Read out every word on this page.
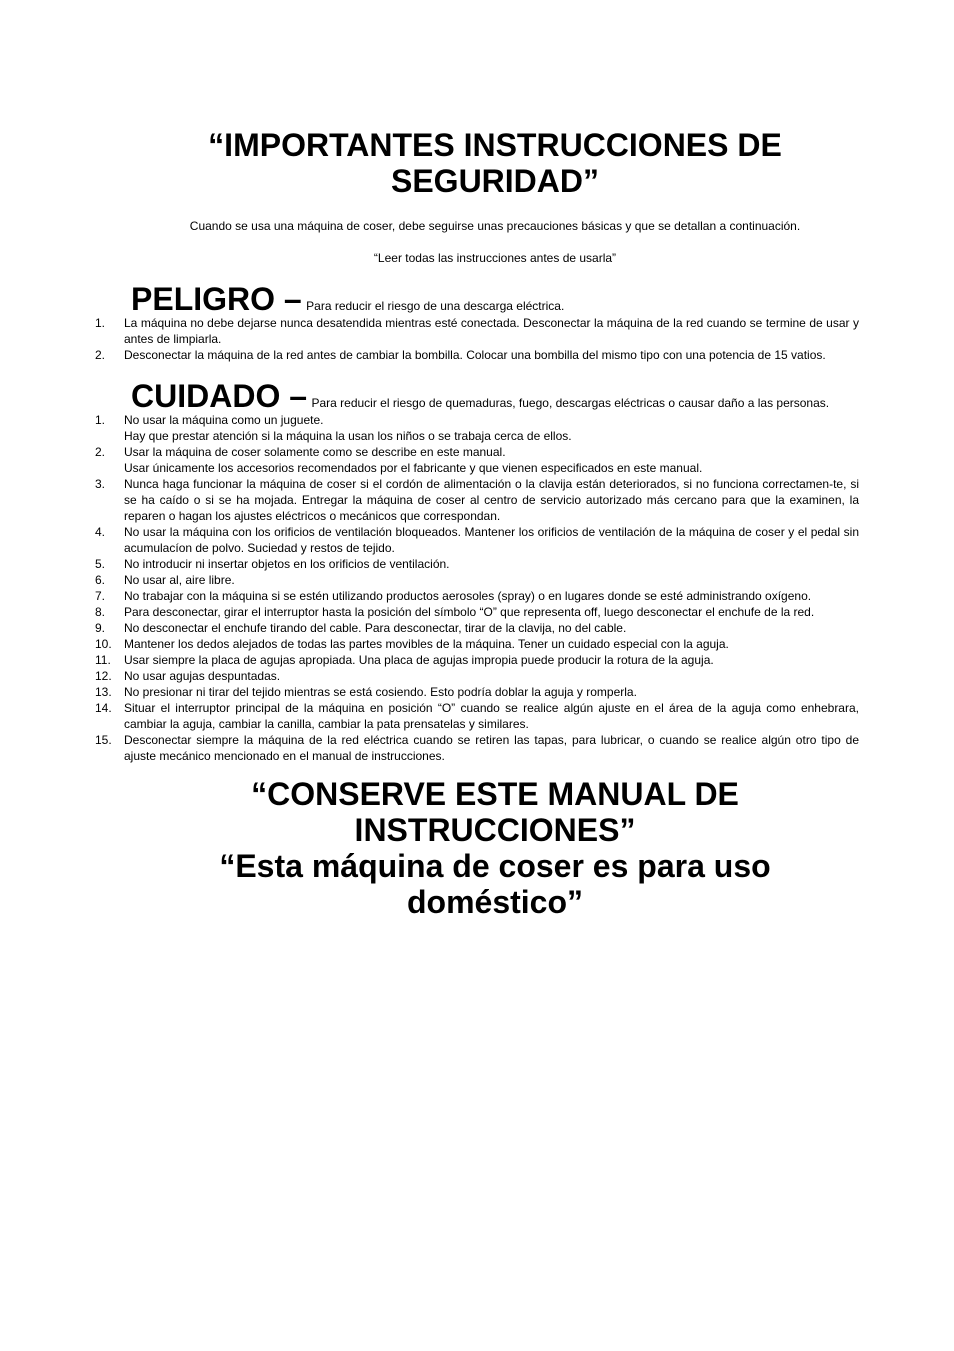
“IMPORTANTES INSTRUCCIONES DE
SEGURIDAD”

Cuando se usa una máquina de coser, debe seguirse unas precauciones básicas y que se detallan a continuación.

“Leer todas las instrucciones antes de usarla”

PELIGRO – Para reducir el riesgo de una descarga eléctrica.
1. La máquina no debe dejarse nunca desatendida mientras esté conectada. Desconectar la máquina de la red cuando se termine de usar y antes de limpiarla.
2. Desconectar la máquina de la red antes de cambiar la bombilla. Colocar una bombilla del mismo tipo con una potencia de 15 vatios.
CUIDADO – Para reducir el riesgo de quemaduras, fuego, descargas eléctricas o causar daño a las personas.
1. No usar la máquina como un juguete.
Hay que prestar atención si la máquina la usan los niños o se trabaja cerca de ellos.
2. Usar la máquina de coser solamente como se describe en este manual.
Usar únicamente los accesorios recomendados por el fabricante y que vienen especificados en este manual.
3. Nunca haga funcionar la máquina de coser si el cordón de alimentación o la clavija están deteriorados, si no funciona correctamen-te, si se ha caído o si se ha mojada. Entregar la máquina de coser al centro de servicio autorizado más cercano para que la examinen, la reparen o hagan los ajustes eléctricos o mecánicos que correspondan.
4. No usar la máquina con los orificios de ventilación bloqueados. Mantener los orificios de ventilación de la máquina de coser y el pedal sin acumulacíon de polvo. Suciedad y restos de tejido.
5. No introducir ni insertar objetos en los orificios de ventilación.
6. No usar al, aire libre.
7. No trabajar con la máquina si se estén utilizando productos aerosoles (spray) o en lugares donde se esté administrando oxígeno.
8. Para desconectar, girar el interruptor hasta la posición del símbolo “O” que representa off, luego desconectar el enchufe de la red.
9. No desconectar el enchufe tirando del cable. Para desconectar, tirar de la clavija, no del cable.
10. Mantener los dedos alejados de todas las partes movibles de la máquina. Tener un cuidado especial con la aguja.
11. Usar siempre la placa de agujas apropiada. Una placa de agujas impropia puede producir la rotura de la aguja.
12. No usar agujas despuntadas.
13. No presionar ni tirar del tejido mientras se está cosiendo. Esto podría doblar la aguja y romperla.
14. Situar el interruptor principal de la máquina en posición “O” cuando se realice algún ajuste en el área de la aguja como enhebrara, cambiar la aguja, cambiar la canilla, cambiar la pata prensatelas y similares.
15. Desconectar siempre la máquina de la red eléctrica cuando se retiren las tapas, para lubricar, o cuando se realice algún otro tipo de ajuste mecánico mencionado en el manual de instrucciones.
“CONSERVE ESTE MANUAL DE
INSTRUCCIONES”
“Esta máquina de coser es para uso
doméstico”
